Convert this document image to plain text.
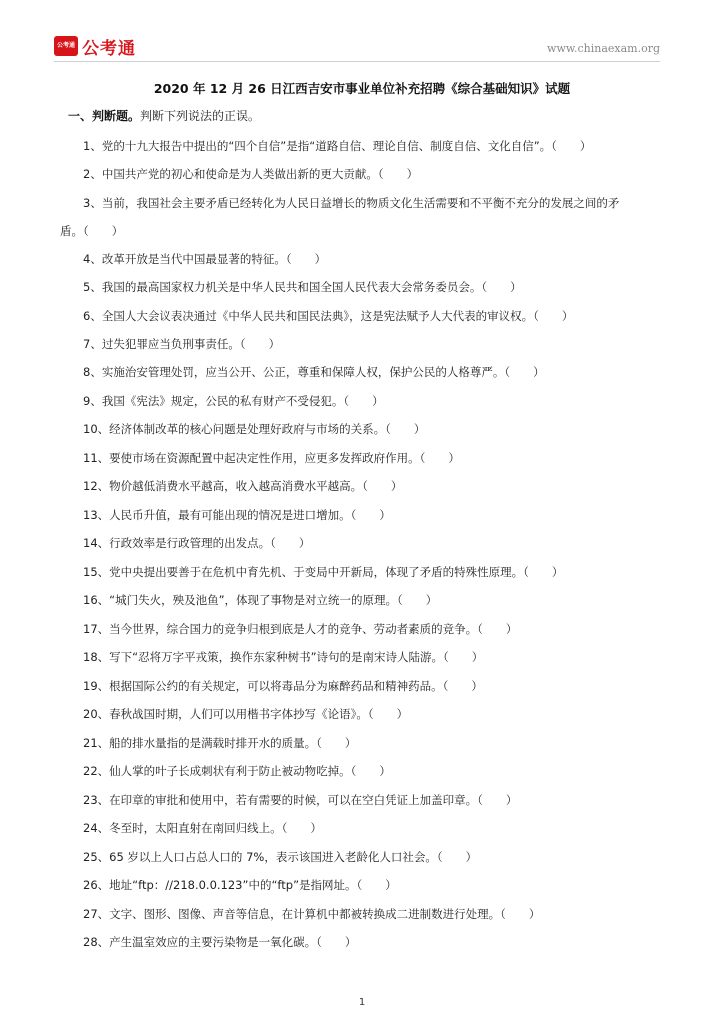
公考通 公考通	www.chinaexam.org
2020 年 12 月 26 日江西吉安市事业单位补充招聘《综合基础知识》试题
一、判断题。判断下列说法的正误。
1、党的十九大报告中提出的“四个自信”是指“道路自信、理论自信、制度自信、文化自信”。（　　）
2、中国共产党的初心和使命是为人类做出新的更大贡献。（　　）
3、当前，我国社会主要矛盾已经转化为人民日益增长的物质文化生活需要和不平衡不充分的发展之间的矛
盾。（　　）
4、改革开放是当代中国最显著的特征。（　　）
5、我国的最高国家权力机关是中华人民共和国全国人民代表大会常务委员会。（　　）
6、全国人大会议表决通过《中华人民共和国民法典》，这是宪法赋予人大代表的审议权。（　　）
7、过失犯罪应当负刑事责任。（　　）
8、实施治安管理处罚，应当公开、公正，尊重和保障人权，保护公民的人格尊严。（　　）
9、我国《宪法》规定，公民的私有财产不受侵犯。（　　）
10、经济体制改革的核心问题是处理好政府与市场的关系。（　　）
11、要使市场在资源配置中起决定性作用，应更多发挥政府作用。（　　）
12、物价越低消费水平越高，收入越高消费水平越高。（　　）
13、人民币升值，最有可能出现的情况是进口增加。（　　）
14、行政效率是行政管理的出发点。（　　）
15、党中央提出要善于在危机中育先机、于变局中开新局，体现了矛盾的特殊性原理。（　　）
16、“城门失火，殃及池鱼”，体现了事物是对立统一的原理。（　　）
17、当今世界，综合国力的竞争归根到底是人才的竞争、劳动者素质的竞争。（　　）
18、写下“忍将万字平戎策，换作东家种树书”诗句的是南宋诗人陆游。（　　）
19、根据国际公约的有关规定，可以将毒品分为麻醉药品和精神药品。（　　）
20、春秋战国时期，人们可以用楷书字体抄写《论语》。（　　）
21、船的排水量指的是满载时排开水的质量。（　　）
22、仙人掌的叶子长成刺状有利于防止被动物吃掉。（　　）
23、在印章的审批和使用中，若有需要的时候，可以在空白凭证上加盖印章。（　　）
24、冬至时，太阳直射在南回归线上。（　　）
25、65 岁以上人口占总人口的 7%，表示该国进入老龄化人口社会。（　　）
26、地址“ftp：//218.0.0.123”中的“ftp”是指网址。（　　）
27、文字、图形、图像、声音等信息，在计算机中都被转换成二进制数进行处理。（　　）
28、产生温室效应的主要污染物是一氧化碳。（　　）
1
